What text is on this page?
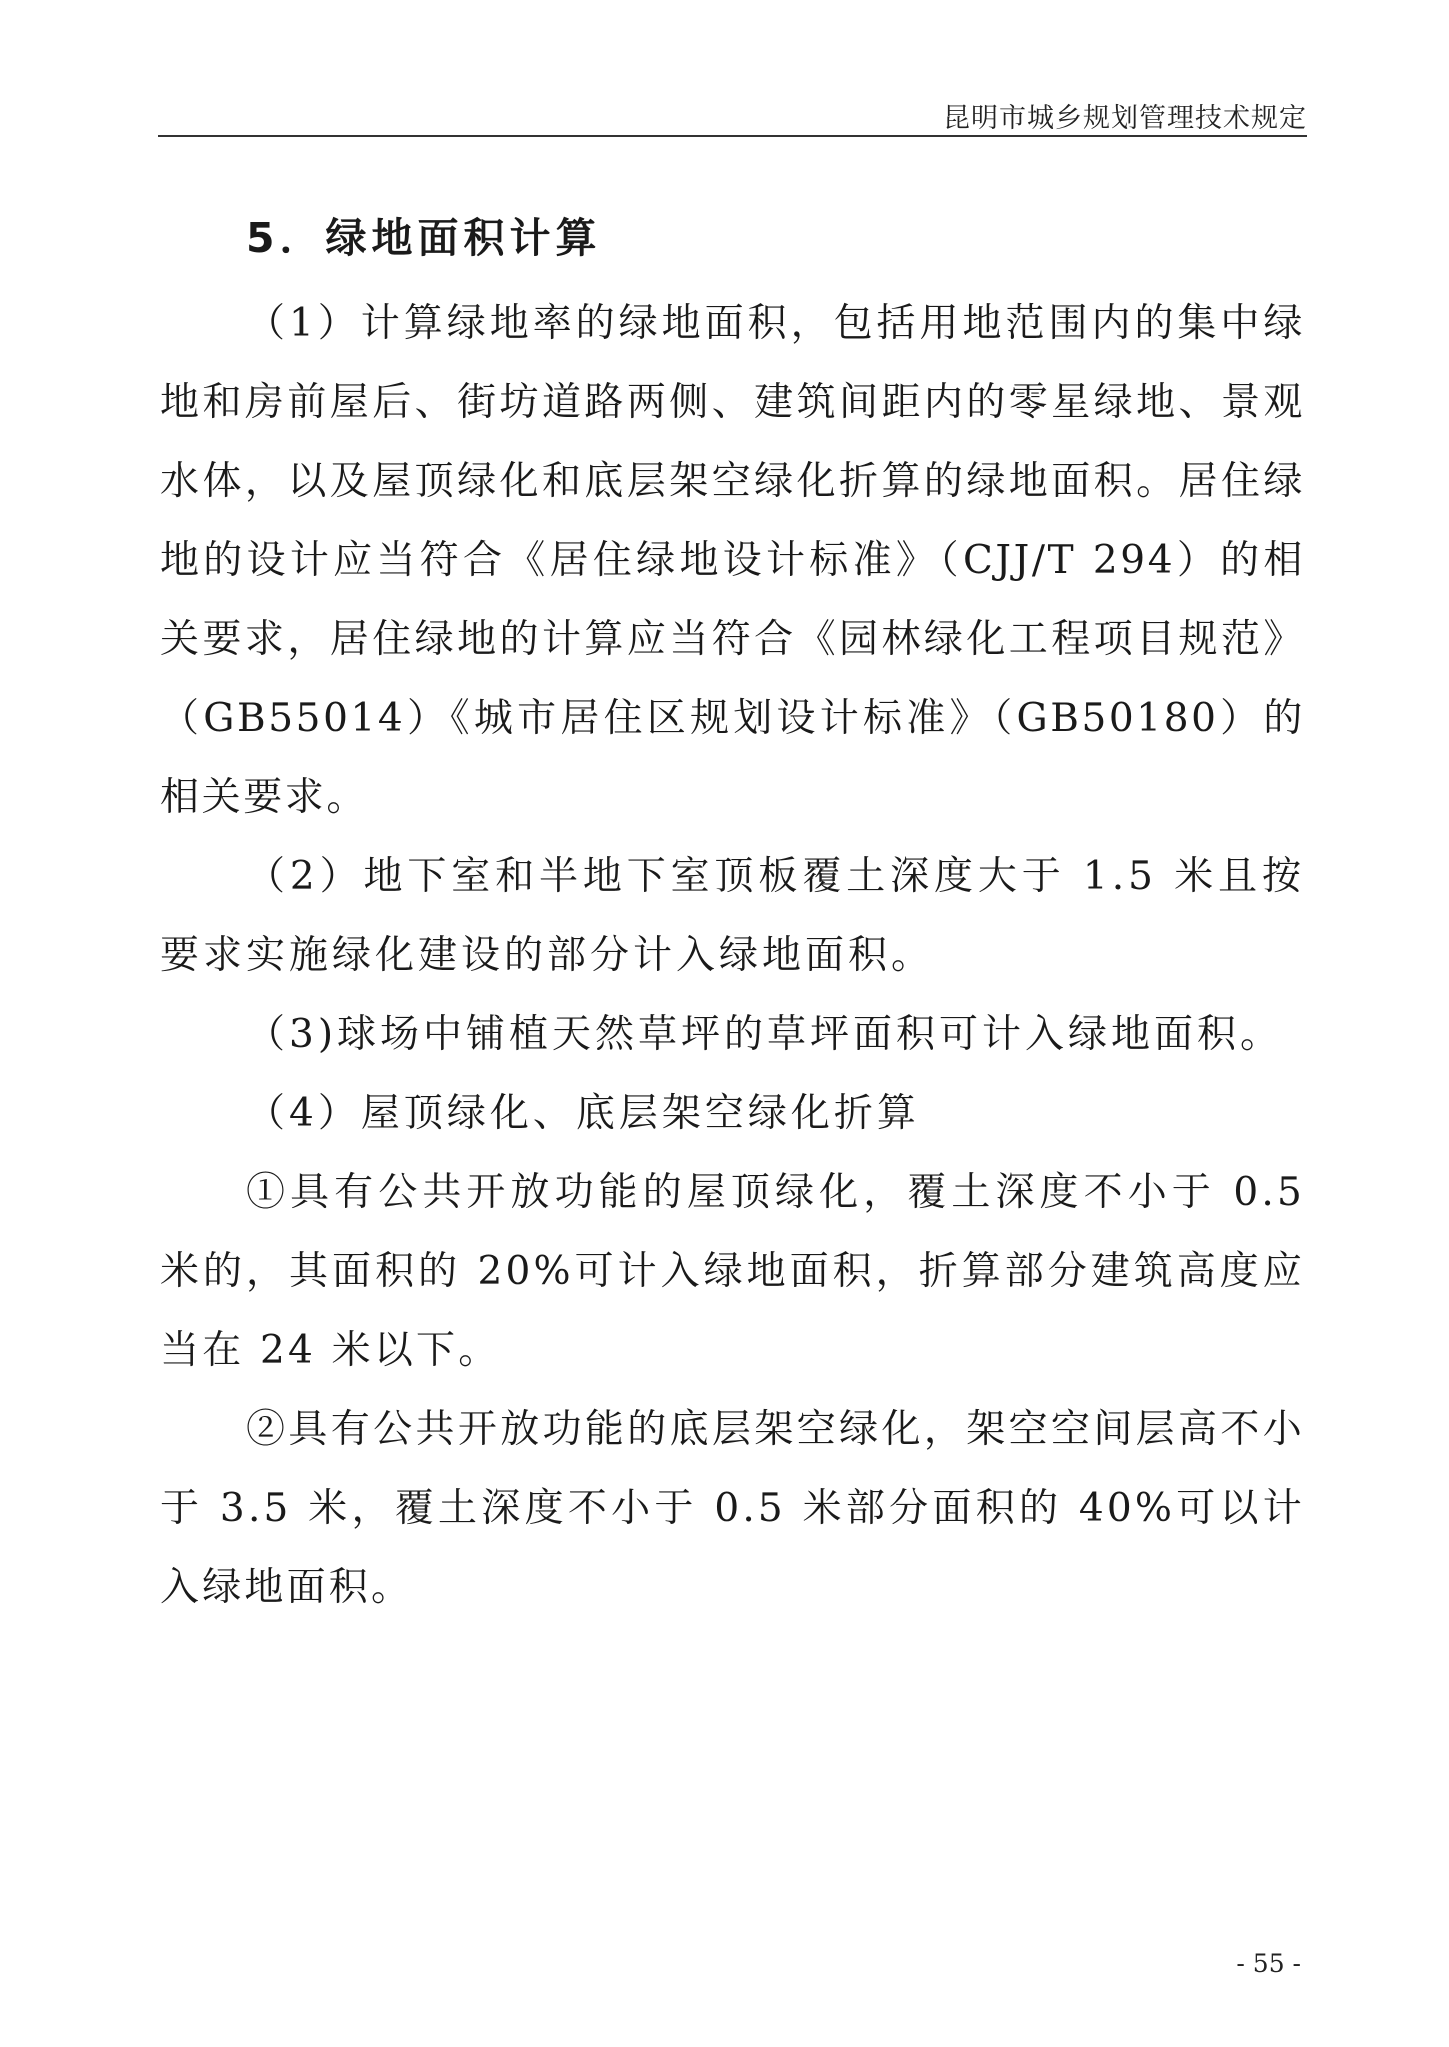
昆明市城乡规划管理技术规定
5．绿地面积计算

（1）计算绿地率的绿地面积，包括用地范围内的集中绿地和房前屋后、街坊道路两侧、建筑间距内的零星绿地、景观水体，以及屋顶绿化和底层架空绿化折算的绿地面积。居住绿地的设计应当符合《居住绿地设计标准》（CJJ/T 294）的相关要求，居住绿地的计算应当符合《园林绿化工程项目规范》（GB55014）《城市居住区规划设计标准》（GB50180）的相关要求。

（2）地下室和半地下室顶板覆土深度大于 1.5 米且按要求实施绿化建设的部分计入绿地面积。

（3)球场中铺植天然草坪的草坪面积可计入绿地面积。

（4）屋顶绿化、底层架空绿化折算

①具有公共开放功能的屋顶绿化，覆土深度不小于 0.5 米的，其面积的 20%可计入绿地面积，折算部分建筑高度应当在 24 米以下。

②具有公共开放功能的底层架空绿化，架空空间层高不小于 3.5 米，覆土深度不小于 0.5 米部分面积的 40%可以计入绿地面积。

- 55 -
